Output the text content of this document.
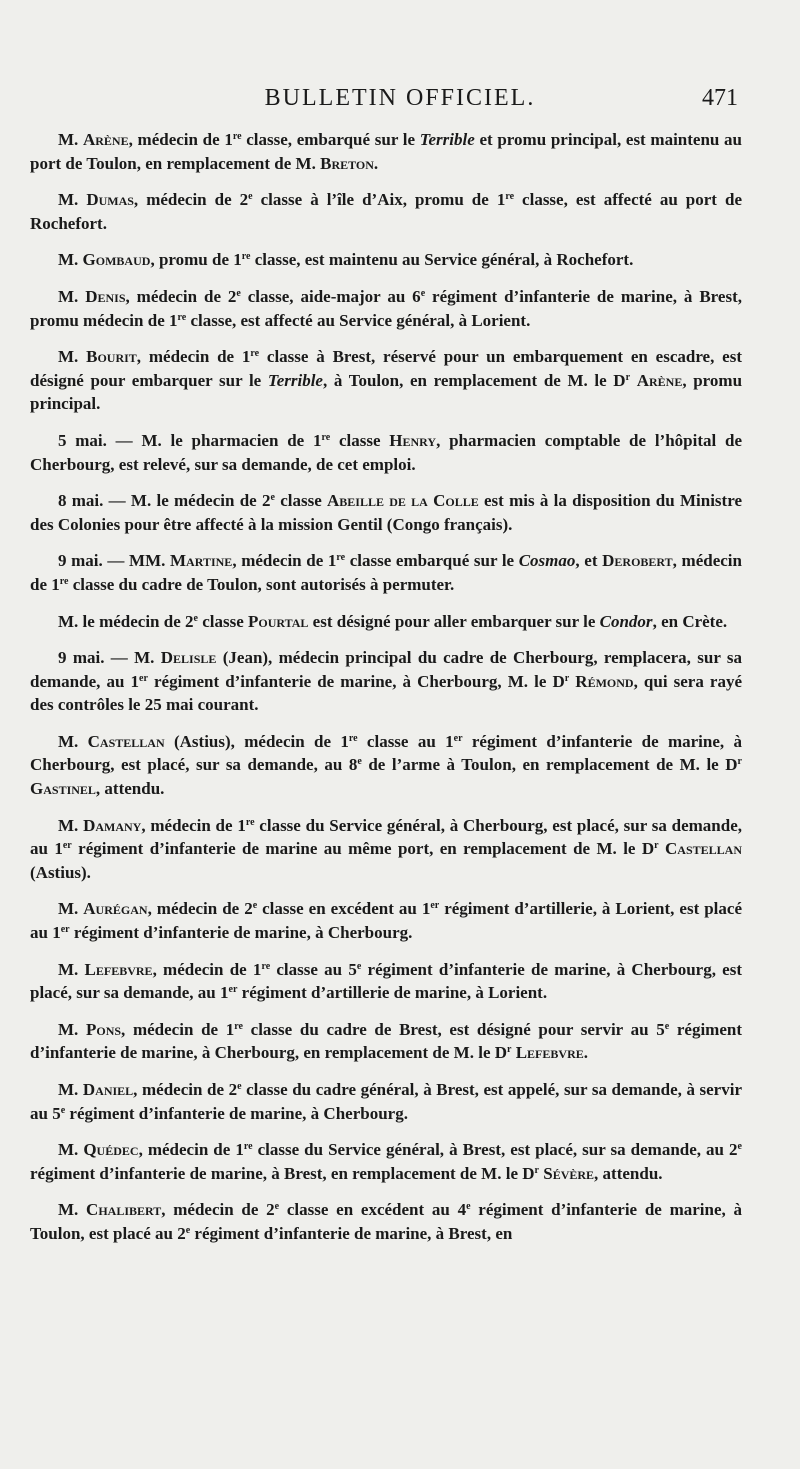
BULLETIN OFFICIEL.	471

M. Arène, médecin de 1re classe, embarqué sur le Terrible et promu principal, est maintenu au port de Toulon, en remplacement de M. Breton.

M. Dumas, médecin de 2e classe à l’île d’Aix, promu de 1re classe, est affecté au port de Rochefort.

M. Gombaud, promu de 1re classe, est maintenu au Service général, à Rochefort.

M. Denis, médecin de 2e classe, aide-major au 6e régiment d’infanterie de marine, à Brest, promu médecin de 1re classe, est affecté au Service général, à Lorient.

M. Bourit, médecin de 1re classe à Brest, réservé pour un embarquement en escadre, est désigné pour embarquer sur le Terrible, à Toulon, en remplacement de M. le $D^r$ Arène, promu principal.

5 mai. — M. le pharmacien de 1re classe Henry, pharmacien comptable de l’hôpital de Cherbourg, est relevé, sur sa demande, de cet emploi.

8 mai. — M. le médecin de 2e classe Abeille de la Colle est mis à la disposition du Ministre des Colonies pour être affecté à la mission Gentil (Congo français).

9 mai. — MM. Martine, médecin de 1re classe embarqué sur le Cosmao, et Derobert, médecin de 1re classe du cadre de Toulon, sont autorisés à permuter.

M. le médecin de 2e classe Pourtal est désigné pour aller embarquer sur le Condor, en Crète.

9 mai. — M. Delisle (Jean), médecin principal du cadre de Cherbourg, remplacera, sur sa demande, au 1er régiment d’infanterie de marine, à Cherbourg, M. le $D^r$ Rémond, qui sera rayé des contrôles le 25 mai courant.

M. Castellan (Astius), médecin de 1re classe au 1er régiment d’infanterie de marine, à Cherbourg, est placé, sur sa demande, au 8e de l’arme à Toulon, en remplacement de M. le $D^r$ Gastinel, attendu.

M. Damany, médecin de 1re classe du Service général, à Cherbourg, est placé, sur sa demande, au 1er régiment d’infanterie de marine au même port, en remplacement de M. le $D^r$ Castellan (Astius).

M. Aurégan, médecin de 2e classe en excédent au 1er régiment d’artillerie, à Lorient, est placé au 1er régiment d’infanterie de marine, à Cherbourg.

M. Lefebvre, médecin de 1re classe au 5e régiment d’infanterie de marine, à Cherbourg, est placé, sur sa demande, au 1er régiment d’artillerie de marine, à Lorient.

M. Pons, médecin de 1re classe du cadre de Brest, est désigné pour servir au 5e régiment d’infanterie de marine, à Cherbourg, en remplacement de M. le $D^r$ Lefebvre.

M. Daniel, médecin de 2e classe du cadre général, à Brest, est appelé, sur sa demande, à servir au 5e régiment d’infanterie de marine, à Cherbourg.

M. Quédec, médecin de 1re classe du Service général, à Brest, est placé, sur sa demande, au 2e régiment d’infanterie de marine, à Brest, en remplacement de M. le $D^r$ Sévère, attendu.

M. Chalibert, médecin de 2e classe en excédent au 4e régiment d’infanterie de marine, à Toulon, est placé au 2e régiment d’infanterie de marine, à Brest, en
